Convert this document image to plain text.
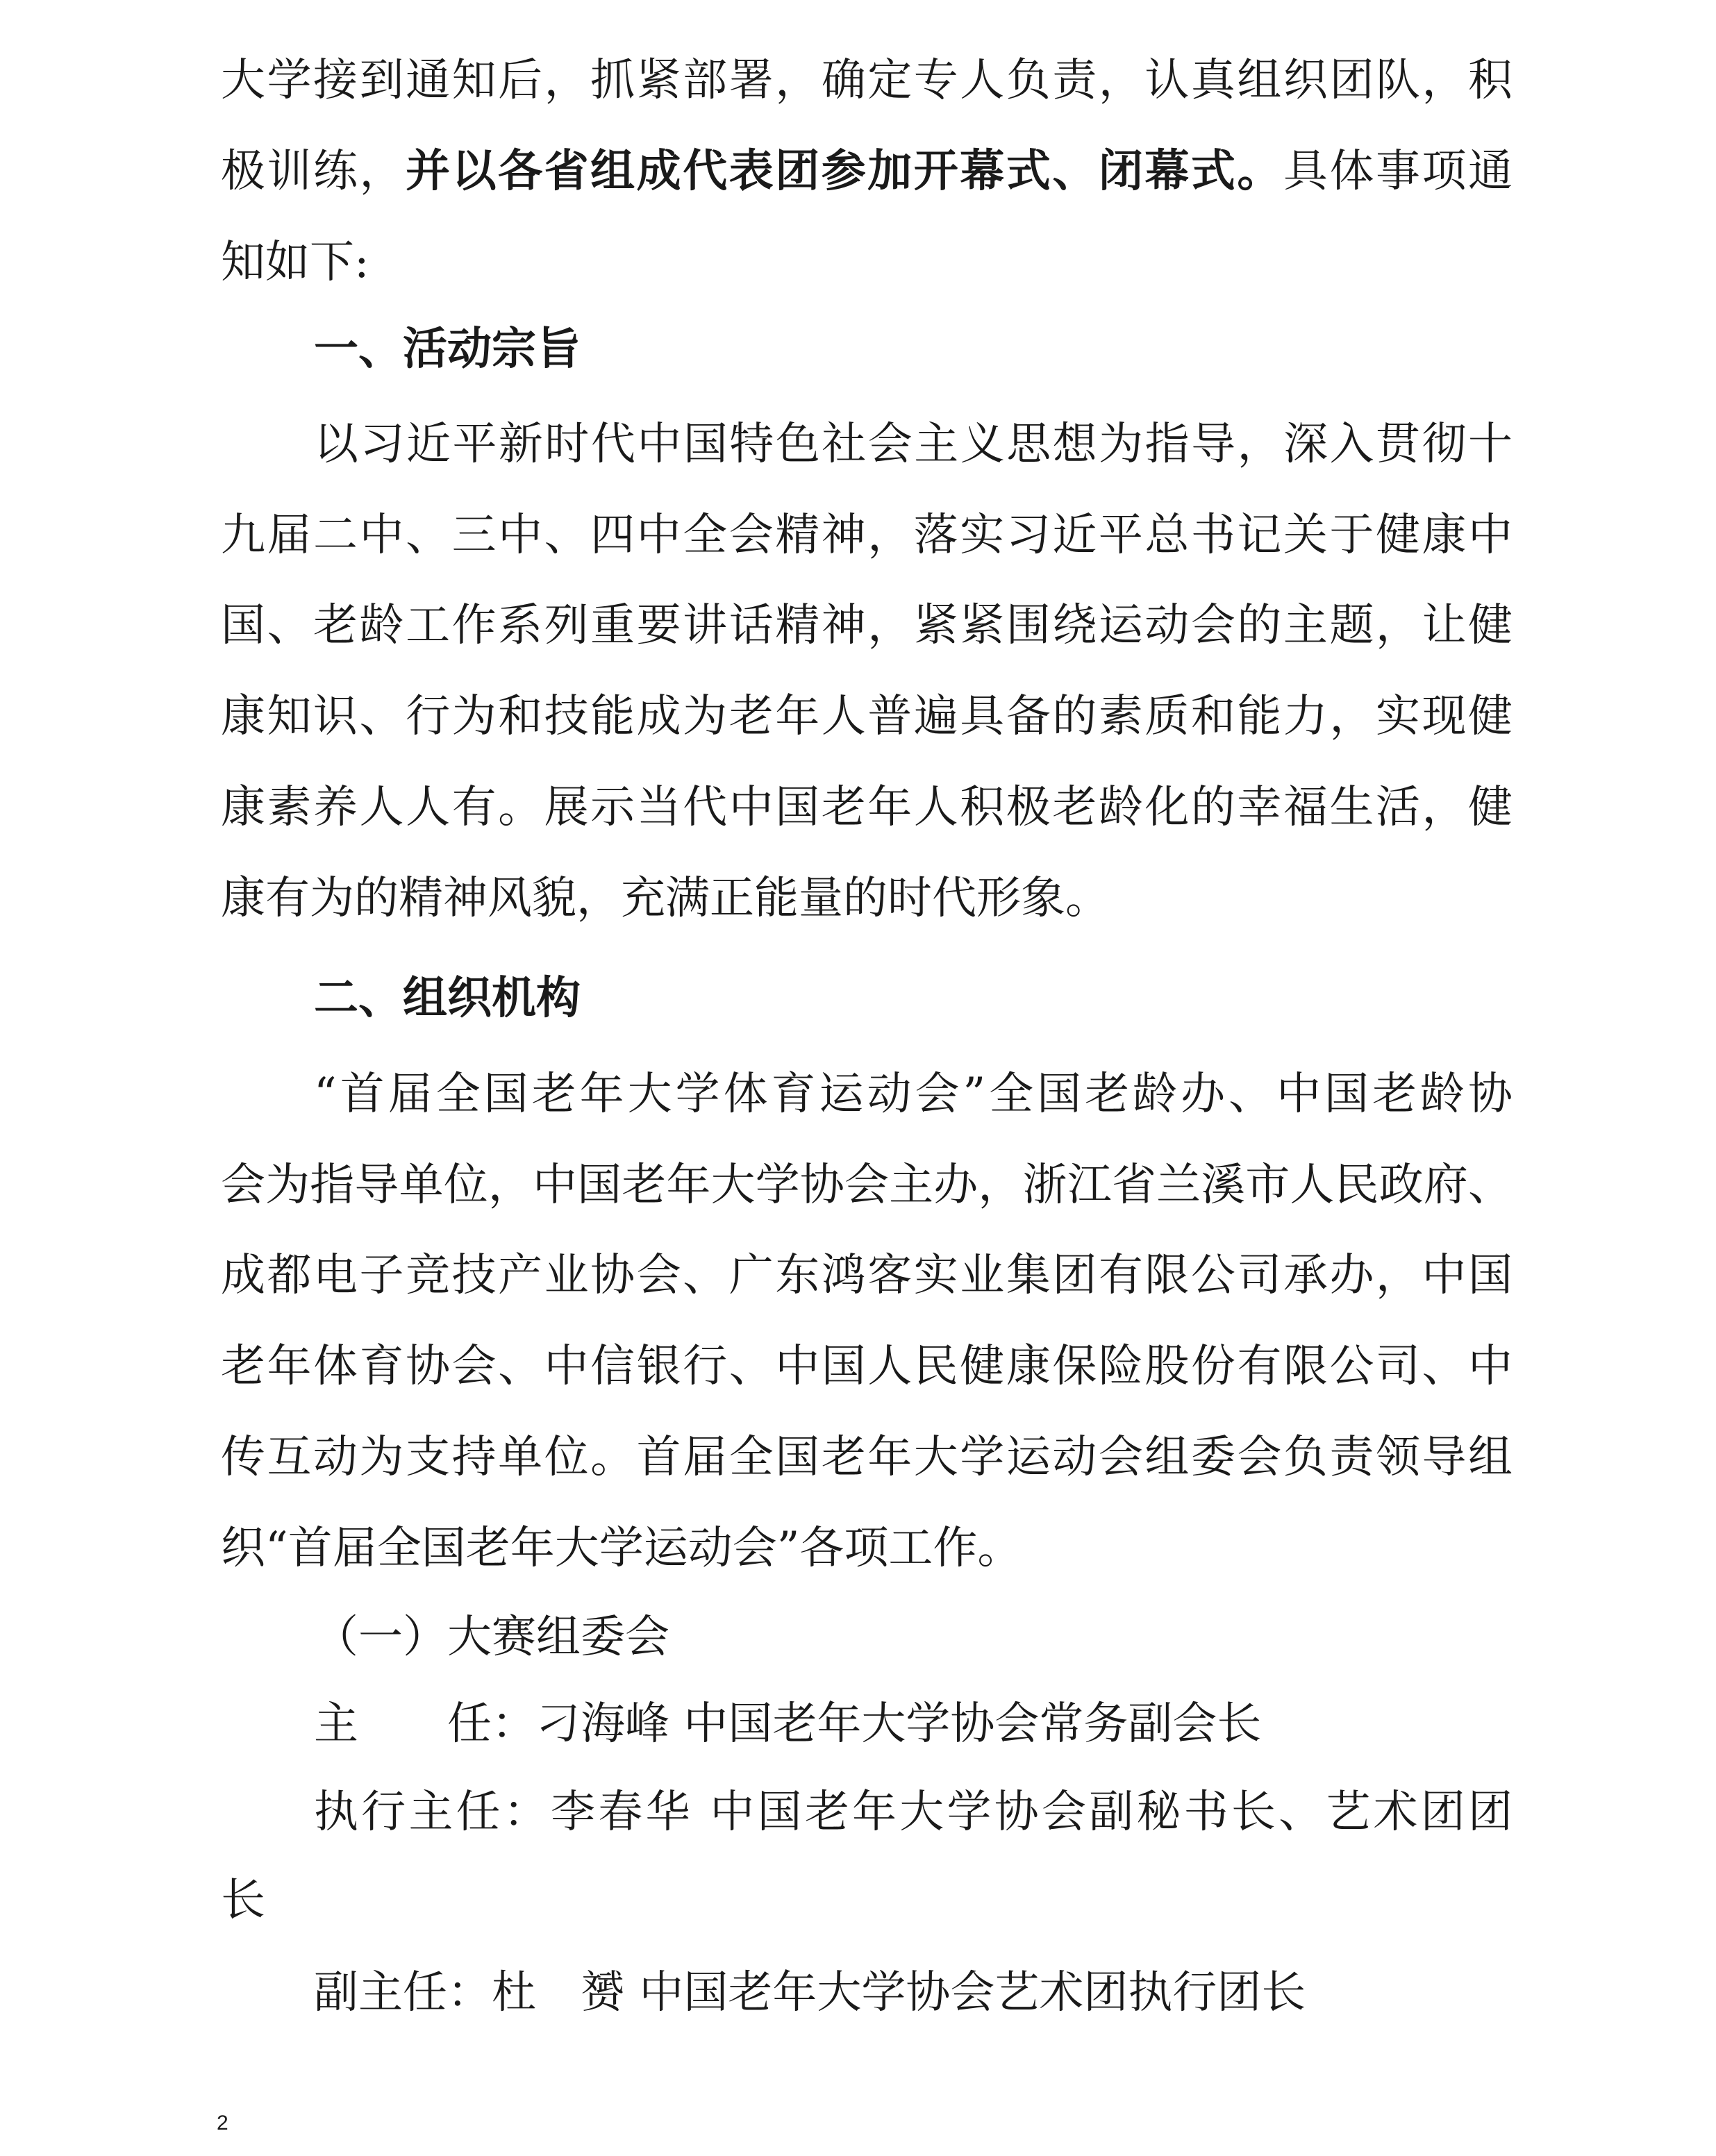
大学接到通知后，抓紧部署，确定专人负责，认真组织团队，积
极训练，并以各省组成代表团参加开幕式、闭幕式。具体事项通
知如下:
一、活动宗旨
以习近平新时代中国特色社会主义思想为指导，深入贯彻十
九届二中、三中、四中全会精神，落实习近平总书记关于健康中
国、老龄工作系列重要讲话精神，紧紧围绕运动会的主题，让健
康知识、行为和技能成为老年人普遍具备的素质和能力，实现健
康素养人人有。展示当代中国老年人积极老龄化的幸福生活，健
康有为的精神风貌，充满正能量的时代形象。
二、组织机构
“首届全国老年大学体育运动会”全国老龄办、中国老龄协
会为指导单位，中国老年大学协会主办，浙江省兰溪市人民政府、
成都电子竞技产业协会、广东鸿客实业集团有限公司承办，中国
老年体育协会、中信银行、中国人民健康保险股份有限公司、中
传互动为支持单位。首届全国老年大学运动会组委会负责领导组
织“首届全国老年大学运动会”各项工作。
（一）大赛组委会
主　　任：刁海峰 中国老年大学协会常务副会长
执行主任：李春华 中国老年大学协会副秘书长、艺术团团
长
副主任：杜　赟 中国老年大学协会艺术团执行团长
2
